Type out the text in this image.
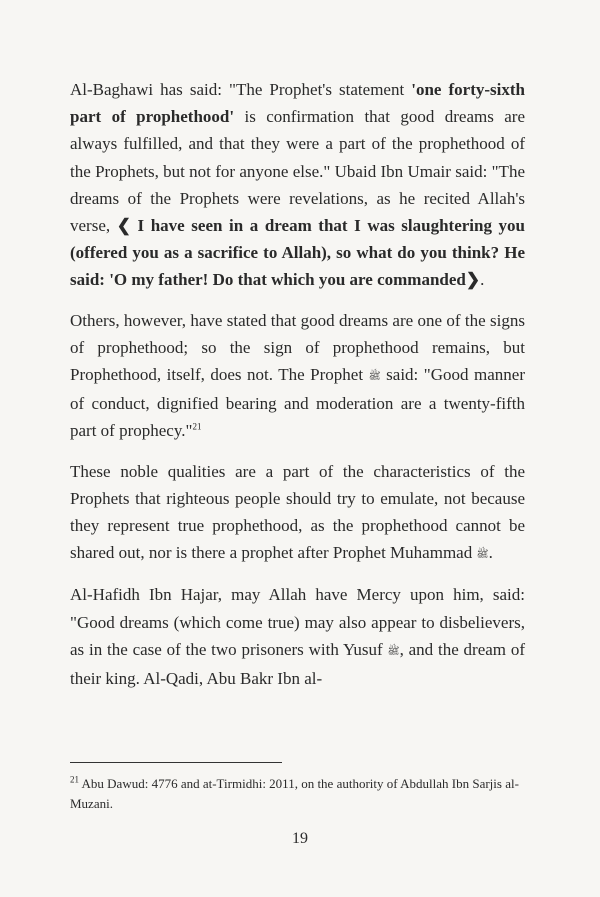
Al-Baghawi has said: "The Prophet's statement 'one forty-sixth part of prophethood' is confirmation that good dreams are always fulfilled, and that they were a part of the prophethood of the Prophets, but not for anyone else." Ubaid Ibn Umair said: "The dreams of the Prophets were revelations, as he recited Allah's verse, ❮ I have seen in a dream that I was slaughtering you (offered you as a sacrifice to Allah), so what do you think? He said: 'O my father! Do that which you are commanded❯.

Others, however, have stated that good dreams are one of the signs of prophethood; so the sign of prophethood remains, but Prophethood, itself, does not. The Prophet ﷺ said: "Good manner of conduct, dignified bearing and moderation are a twenty-fifth part of prophecy."$^{21}$

These noble qualities are a part of the characteristics of the Prophets that righteous people should try to emulate, not because they represent true prophethood, as the prophethood cannot be shared out, nor is there a prophet after Prophet Muhammad ﷺ.

Al-Hafidh Ibn Hajar, may Allah have Mercy upon him, said: "Good dreams (which come true) may also appear to disbelievers, as in the case of the two prisoners with Yusuf ﷺ, and the dream of their king. Al-Qadi, Abu Bakr Ibn al-

$^{21}$ Abu Dawud: 4776 and at-Tirmidhi: 2011, on the authority of Abdullah Ibn Sarjis al-Muzani.
19
